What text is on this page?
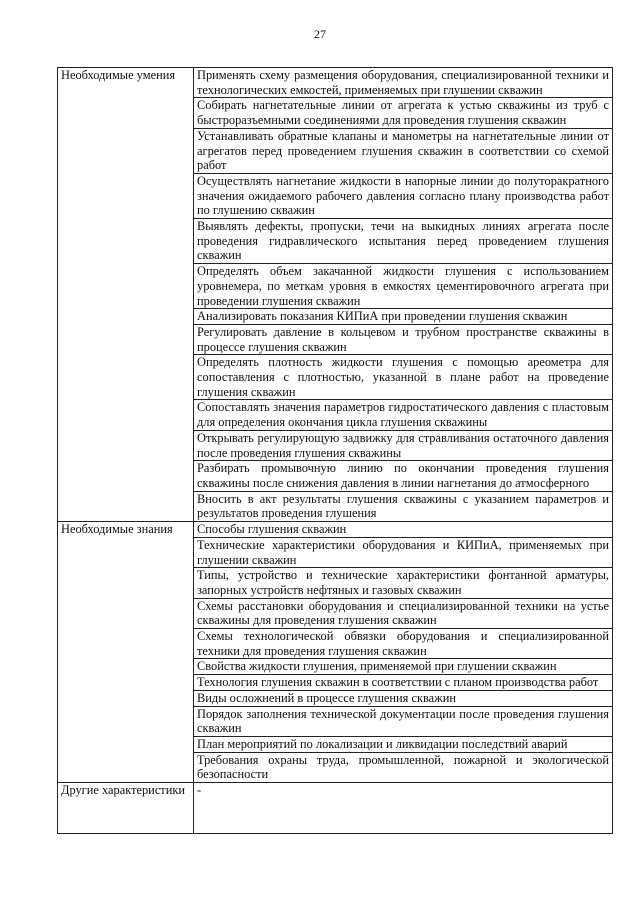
27
Необходимые умения	Применять схему размещения оборудования, специализированной техники и технологических емкостей, применяемых при глушении скважин
	Собирать нагнетательные линии от агрегата к устью скважины из труб с быстроразъемными соединениями для проведения глушения скважин
	Устанавливать обратные клапаны и манометры на нагнетательные линии от агрегатов перед проведением глушения скважин в соответствии со схемой работ
	Осуществлять нагнетание жидкости в напорные линии до полуторакратного значения ожидаемого рабочего давления согласно плану производства работ по глушению скважин
	Выявлять дефекты, пропуски, течи на выкидных линиях агрегата после проведения гидравлического испытания перед проведением глушения скважин
	Определять объем закачанной жидкости глушения с использованием уровнемера, по меткам уровня в емкостях цементировочного агрегата при проведении глушения скважин
	Анализировать показания КИПиА при проведении глушения скважин
	Регулировать давление в кольцевом и трубном пространстве скважины в процессе глушения скважин
	Определять плотность жидкости глушения с помощью ареометра для сопоставления с плотностью, указанной в плане работ на проведение глушения скважин
	Сопоставлять значения параметров гидростатического давления с пластовым для определения окончания цикла глушения скважины
	Открывать регулирующую задвижку для стравливания остаточного давления после проведения глушения скважины
	Разбирать промывочную линию по окончании проведения глушения скважины после снижения давления в линии нагнетания до атмосферного
	Вносить в акт результаты глушения скважины с указанием параметров и результатов проведения глушения
Необходимые знания	Способы глушения скважин
	Технические характеристики оборудования и КИПиА, применяемых при глушении скважин
	Типы, устройство и технические характеристики фонтанной арматуры, запорных устройств нефтяных и газовых скважин
	Схемы расстановки оборудования и специализированной техники на устье скважины для проведения глушения скважин
	Схемы технологической обвязки оборудования и специализированной техники для проведения глушения скважин
	Свойства жидкости глушения, применяемой при глушении скважин
	Технология глушения скважин в соответствии с планом производства работ
	Виды осложнений в процессе глушения скважин
	Порядок заполнения технической документации после проведения глушения скважин
	План мероприятий по локализации и ликвидации последствий аварий
	Требования охраны труда, промышленной, пожарной и экологической безопасности
Другие характеристики	-
